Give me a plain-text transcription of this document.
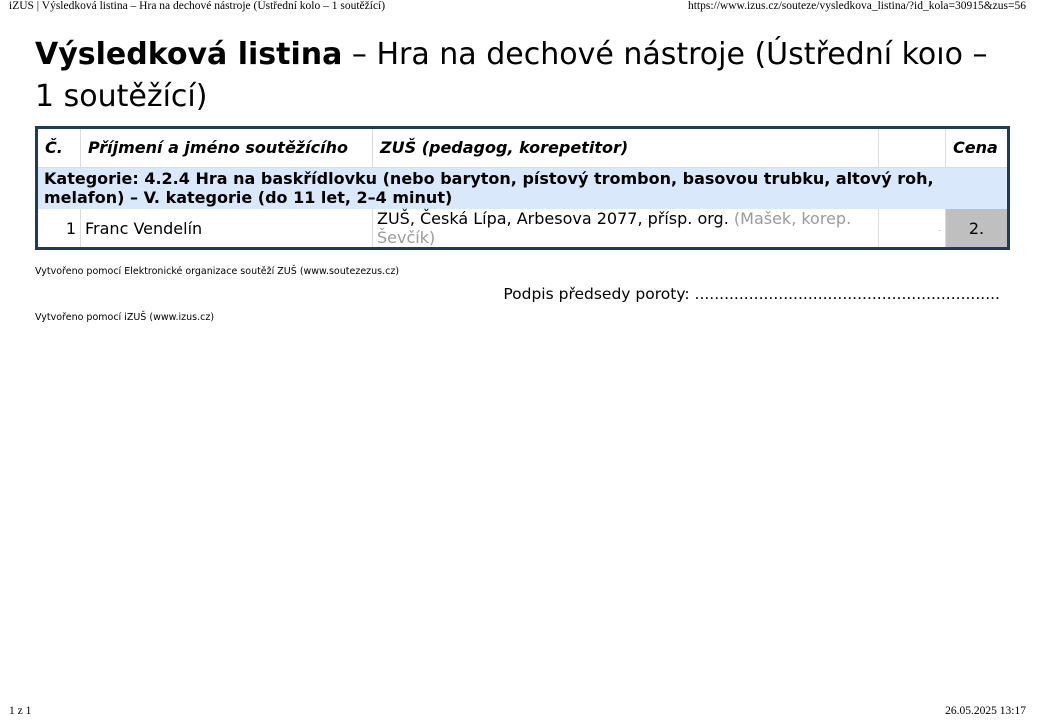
iZUS | Výsledková listina – Hra na dechové nástroje (Ústřední kolo – 1 soutěžící)	https://www.izus.cz/souteze/vysledkova_listina/?id_kola=30915&zus=56
Výsledková listina – Hra na dechové nástroje (Ústřední koıo – 1 soutěžící)
Č.	Příjmení a jméno soutěžícího	ZUŠ (pedagog, korepetitor)		Cena
Kategorie: 4.2.4 Hra na baskřídlovku (nebo baryton, pístový trombon, basovou trubku, altový roh, melafon) – V. kategorie (do 11 let, 2–4 minut)				
1	Franc Vendelín	ZUŠ, Česká Lípa, Arbesova 2077, přísp. org. (Mašek, korep. Ševčík)	.	2.
Vytvořeno pomocí Elektronické organizace soutěží ZUŠ (www.soutezezus.cz)
Podpis předsedy poroty: ..............................................................
Vytvořeno pomocí iZUŠ (www.izus.cz)
1 z 1	26.05.2025 13:17
